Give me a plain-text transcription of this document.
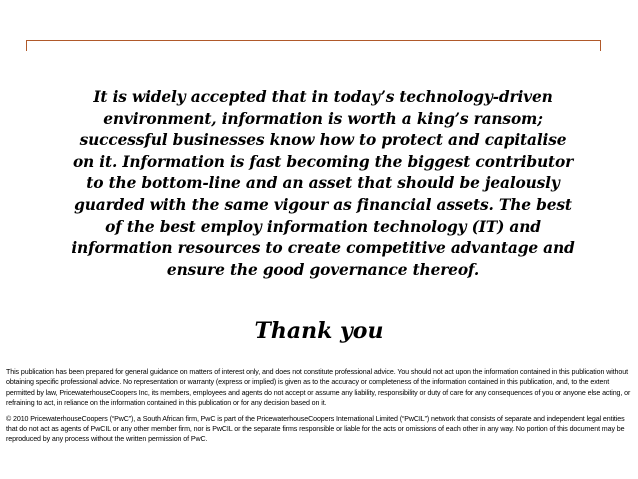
It is widely accepted that in today’s technology-driven
environment, information is worth a king’s ransom;
successful businesses know how to protect and capitalise
on it. Information is fast becoming the biggest contributor
to the bottom-line and an asset that should be jealously
guarded with the same vigour as financial assets. The best
of the best employ information technology (IT) and
information resources to create competitive advantage and
ensure the good governance thereof.
Thank you

This publication has been prepared for general guidance on matters of interest only, and does not constitute professional advice. You should not act upon the information contained in this publication without obtaining specific professional advice. No representation or warranty (express or implied) is given as to the accuracy or completeness of the information contained in this publication, and, to the extent permitted by law, PricewaterhouseCoopers Inc, its members, employees and agents do not accept or assume any liability, responsibility or duty of care for any consequences of you or anyone else acting, or refraining to act, in reliance on the information contained in this publication or for any decision based on it.

© 2010 PricewaterhouseCoopers (“PwC”), a South African firm, PwC is part of the PricewaterhouseCoopers International Limited (“PwCIL”) network that consists of separate and independent legal entities that do not act as agents of PwCIL or any other member firm, nor is PwCIL or the separate firms responsible or liable for the acts or omissions of each other in any way. No portion of this document may be reproduced by any process without the written permission of PwC.
